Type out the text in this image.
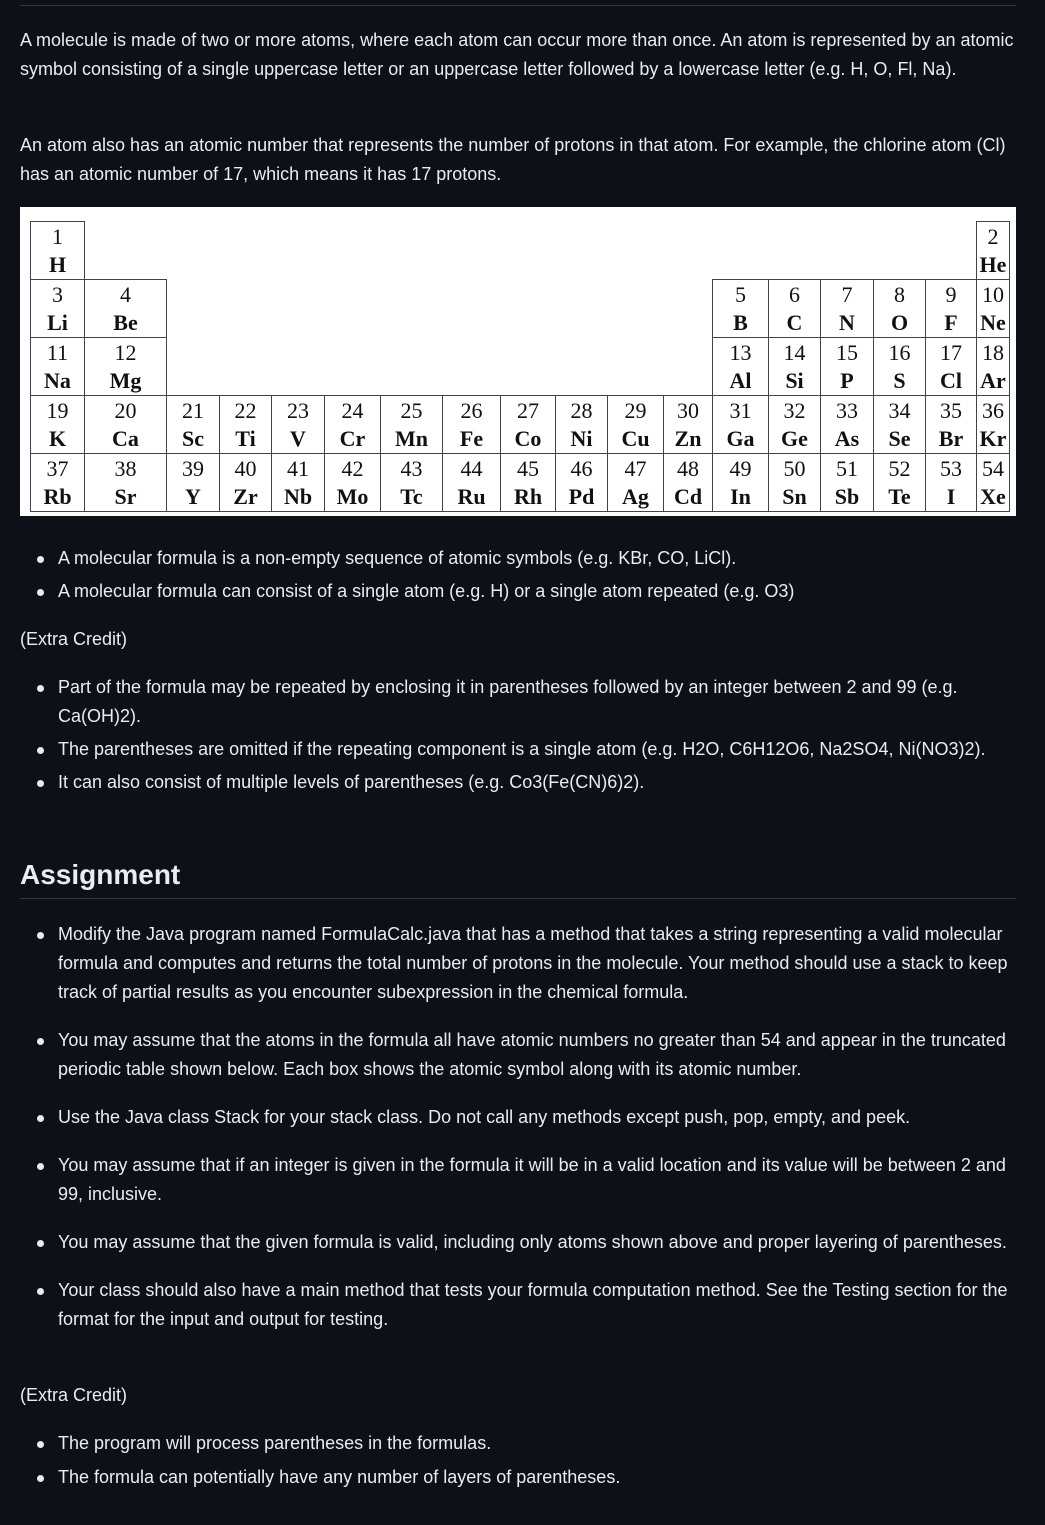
A molecule is made of two or more atoms, where each atom can occur more than once. An atom is represented by an atomic symbol consisting of a single uppercase letter or an uppercase letter followed by a lowercase letter (e.g. H, O, Fl, Na).

An atom also has an atomic number that represents the number of protons in that atom. For example, the chlorine atom (Cl) has an atomic number of 17, which means it has 17 protons.

1
H
2
He
3
Li
4
Be
5
B
6
C
7
N
8
O
9
F
10
Ne
11
Na
12
Mg
13
Al
14
Si
15
P
16
S
17
Cl
18
Ar
19
K
20
Ca
21
Sc
22
Ti
23
V
24
Cr
25
Mn
26
Fe
27
Co
28
Ni
29
Cu
30
Zn
31
Ga
32
Ge
33
As
34
Se
35
Br
36
Kr
37
Rb
38
Sr
39
Y
40
Zr
41
Nb
42
Mo
43
Tc
44
Ru
45
Rh
46
Pd
47
Ag
48
Cd
49
In
50
Sn
51
Sb
52
Te
53
I
54
Xe
A molecular formula is a non-empty sequence of atomic symbols (e.g. KBr, CO, LiCl).
A molecular formula can consist of a single atom (e.g. H) or a single atom repeated (e.g. O3)

(Extra Credit)

Part of the formula may be repeated by enclosing it in parentheses followed by an integer between 2 and 99 (e.g. Ca(OH)2).
The parentheses are omitted if the repeating component is a single atom (e.g. H2O, C6H12O6, Na2SO4, Ni(NO3)2).
It can also consist of multiple levels of parentheses (e.g. Co3(Fe(CN)6)2).
Assignment
Modify the Java program named FormulaCalc.java that has a method that takes a string representing a valid molecular formula and computes and returns the total number of protons in the molecule. Your method should use a stack to keep track of partial results as you encounter subexpression in the chemical formula.
You may assume that the atoms in the formula all have atomic numbers no greater than 54 and appear in the truncated periodic table shown below. Each box shows the atomic symbol along with its atomic number.
Use the Java class Stack for your stack class. Do not call any methods except push, pop, empty, and peek.
You may assume that if an integer is given in the formula it will be in a valid location and its value will be between 2 and 99, inclusive.
You may assume that the given formula is valid, including only atoms shown above and proper layering of parentheses.
Your class should also have a main method that tests your formula computation method. See the Testing section for the format for the input and output for testing.

(Extra Credit)

The program will process parentheses in the formulas.
The formula can potentially have any number of layers of parentheses.
